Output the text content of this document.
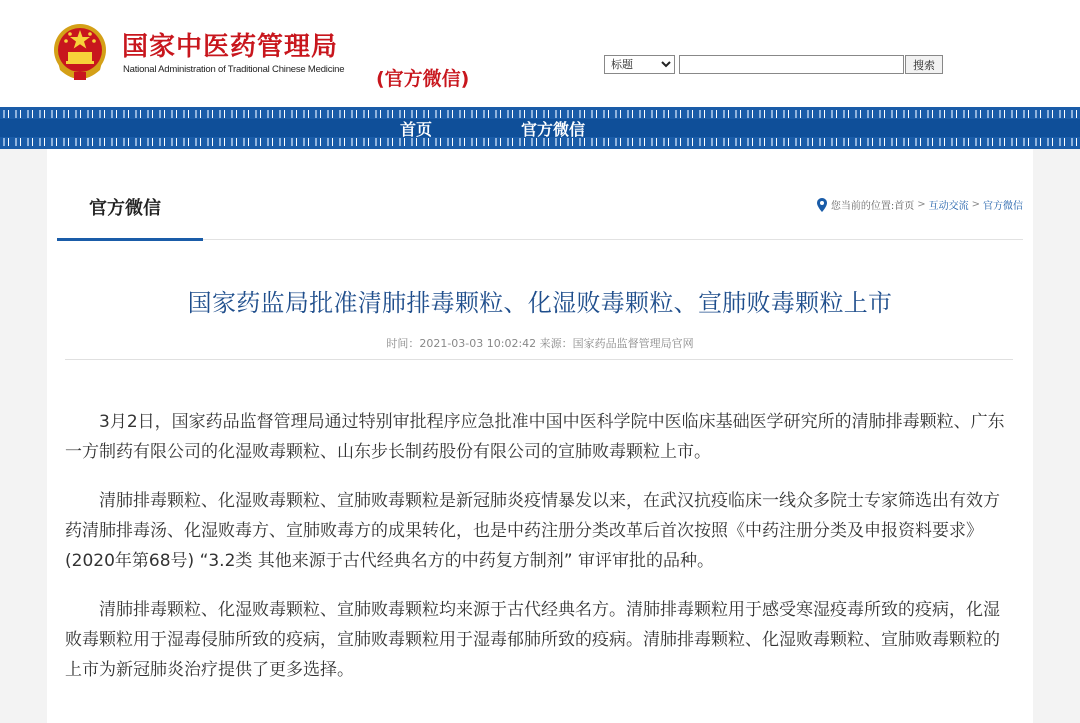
国家中医药管理局
National Administration of Traditional Chinese Medicine (官方微信)
标题
搜索
首页	官方微信
官方微信	您当前的位置: 首页 > 互动交流 > 官方微信
国家药监局批准清肺排毒颗粒、化湿败毒颗粒、宣肺败毒颗粒上市
时间：2021-03-03 10:02:42 来源：国家药品监督管理局官网

3月2日，国家药品监督管理局通过特别审批程序应急批准中国中医科学院中医临床基础医学研究所的清肺排毒颗粒、广东一方制药有限公司的化湿败毒颗粒、山东步长制药股份有限公司的宣肺败毒颗粒上市。

清肺排毒颗粒、化湿败毒颗粒、宣肺败毒颗粒是新冠肺炎疫情暴发以来，在武汉抗疫临床一线众多院士专家筛选出有效方药清肺排毒汤、化湿败毒方、宣肺败毒方的成果转化，也是中药注册分类改革后首次按照《中药注册分类及申报资料要求》(2020年第68号) “3.2类 其他来源于古代经典名方的中药复方制剂” 审评审批的品种。

清肺排毒颗粒、化湿败毒颗粒、宣肺败毒颗粒均来源于古代经典名方。清肺排毒颗粒用于感受寒湿疫毒所致的疫病，化湿败毒颗粒用于湿毒侵肺所致的疫病，宣肺败毒颗粒用于湿毒郁肺所致的疫病。清肺排毒颗粒、化湿败毒颗粒、宣肺败毒颗粒的上市为新冠肺炎治疗提供了更多选择。
